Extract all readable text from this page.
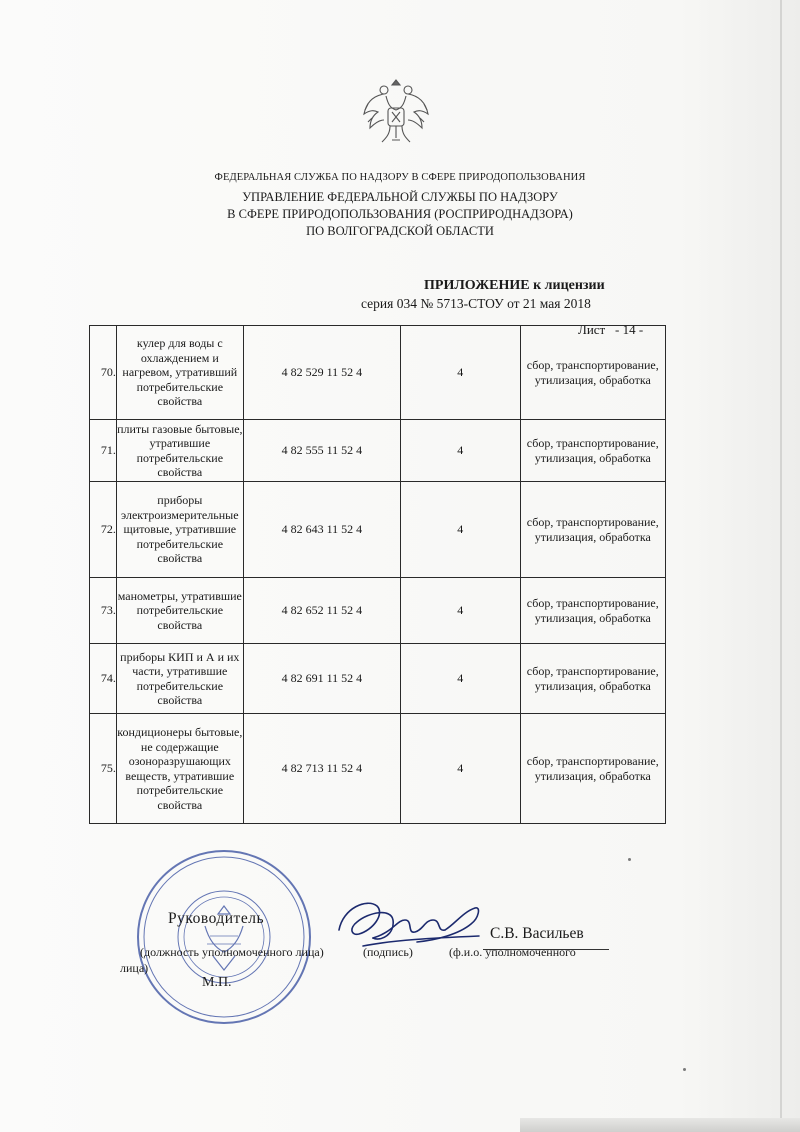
ФЕДЕРАЛЬНАЯ СЛУЖБА ПО НАДЗОРУ В СФЕРЕ ПРИРОДОПОЛЬЗОВАНИЯ
УПРАВЛЕНИЕ ФЕДЕРАЛЬНОЙ СЛУЖБЫ ПО НАДЗОРУ
В СФЕРЕ ПРИРОДОПОЛЬЗОВАНИЯ (РОСПРИРОДНАДЗОРА)
ПО ВОЛГОГРАДСКОЙ ОБЛАСТИ
ПРИЛОЖЕНИЕ к лицензии
серия 034 № 5713-СТОУ от 21 мая 2018
Лист - 14 -
70.	кулер для воды с охлаждением и нагревом, утративший потребительские свойства	4 82 529 11 52 4	4	сбор, транспортирование, утилизация, обработка
71.	плиты газовые бытовые, утратившие потребительские свойства	4 82 555 11 52 4	4	сбор, транспортирование, утилизация, обработка
72.	приборы электроизмерительные щитовые, утратившие потребительские свойства	4 82 643 11 52 4	4	сбор, транспортирование, утилизация, обработка
73.	манометры, утратившие потребительские свойства	4 82 652 11 52 4	4	сбор, транспортирование, утилизация, обработка
74.	приборы КИП и А и их части, утратившие потребительские свойства	4 82 691 11 52 4	4	сбор, транспортирование, утилизация, обработка
75.	кондиционеры бытовые, не содержащие озоноразрушающих веществ, утратившие потребительские свойства	4 82 713 11 52 4	4	сбор, транспортирование, утилизация, обработка
Руководитель
С.В. Васильев
(должность уполномоченного лица)	(подпись)	(ф.и.о. уполномоченного
лица)
М.П.
